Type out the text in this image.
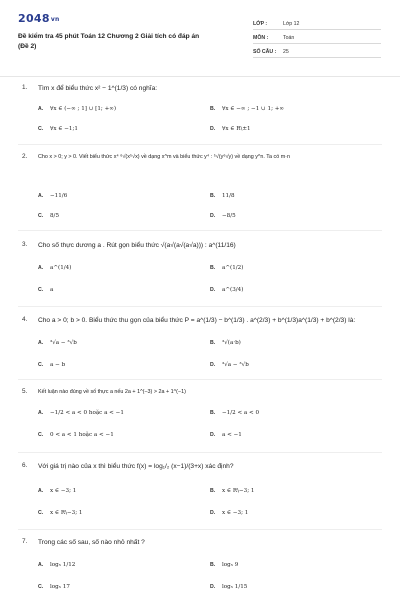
2048vn
Đề kiểm tra 45 phút Toán 12 Chương 2 Giải tích có đáp án
(Đề 2)
LỚP :	Lớp 12
MÔN :	Toán
SỐ CÂU :	25
1. Tìm x để biểu thức x² − 1^(1/3) có nghĩa:
A.	∀x ∈ (−∞ ; 1] ∪ [1; +∞)	B.	∀x ∈ −∞ ; −1 ∪ 1; +∞
C.	∀x ∈ −1;1	D.	∀x ∈ R\±1
2. Cho x > 0; y > 0. Viết biểu thức x⁴ ⁶√(x⁵√x) về dạng x^m và biểu thức y⁴ : ⁵√(y⁶√y) về dạng y^n. Ta có m·n
A.	−11/6	B.	11/8
C.	8/5	D.	−8/5
3. Cho số thực dương a . Rút gọn biểu thức √(a√(a√(a√a))) : a^(11/16)
A.	a^(1/4)	B.	a^(1/2)
C.	a	D.	a^(3/4)
4. Cho a > 0; b > 0. Biểu thức thu gọn của biểu thức P = a^(1/3) − b^(1/3) . a^(2/3) + b^(1/3)a^(1/3) + b^(2/3) là:
A.	³√a − ³√b	B.	³√(a·b)
C.	a − b	D.	³√a − ³√b
5. Kết luận nào đúng về số thực a nếu 2a + 1^(−3) > 2a + 1^(−1)
A.	−1/2 < a < 0 hoặc a < −1	B.	−1/2 < a < 0
C.	0 < a < 1 hoặc a < −1	D.	a < −1
6. Với giá trị nào của x thì biểu thức f(x) = log₁/₂ (x−1)/(3+x) xác định?
A.	x ∈ −3; 1	B.	x ∈ R\−3; 1
C.	x ∈ R\−3; 1	D.	x ∈ −3; 1
7. Trong các số sau, số nào nhỏ nhất ?
A.	log₅ 1/12	B.	log₅ 9
C.	log₅ 17	D.	log₅ 1/15
